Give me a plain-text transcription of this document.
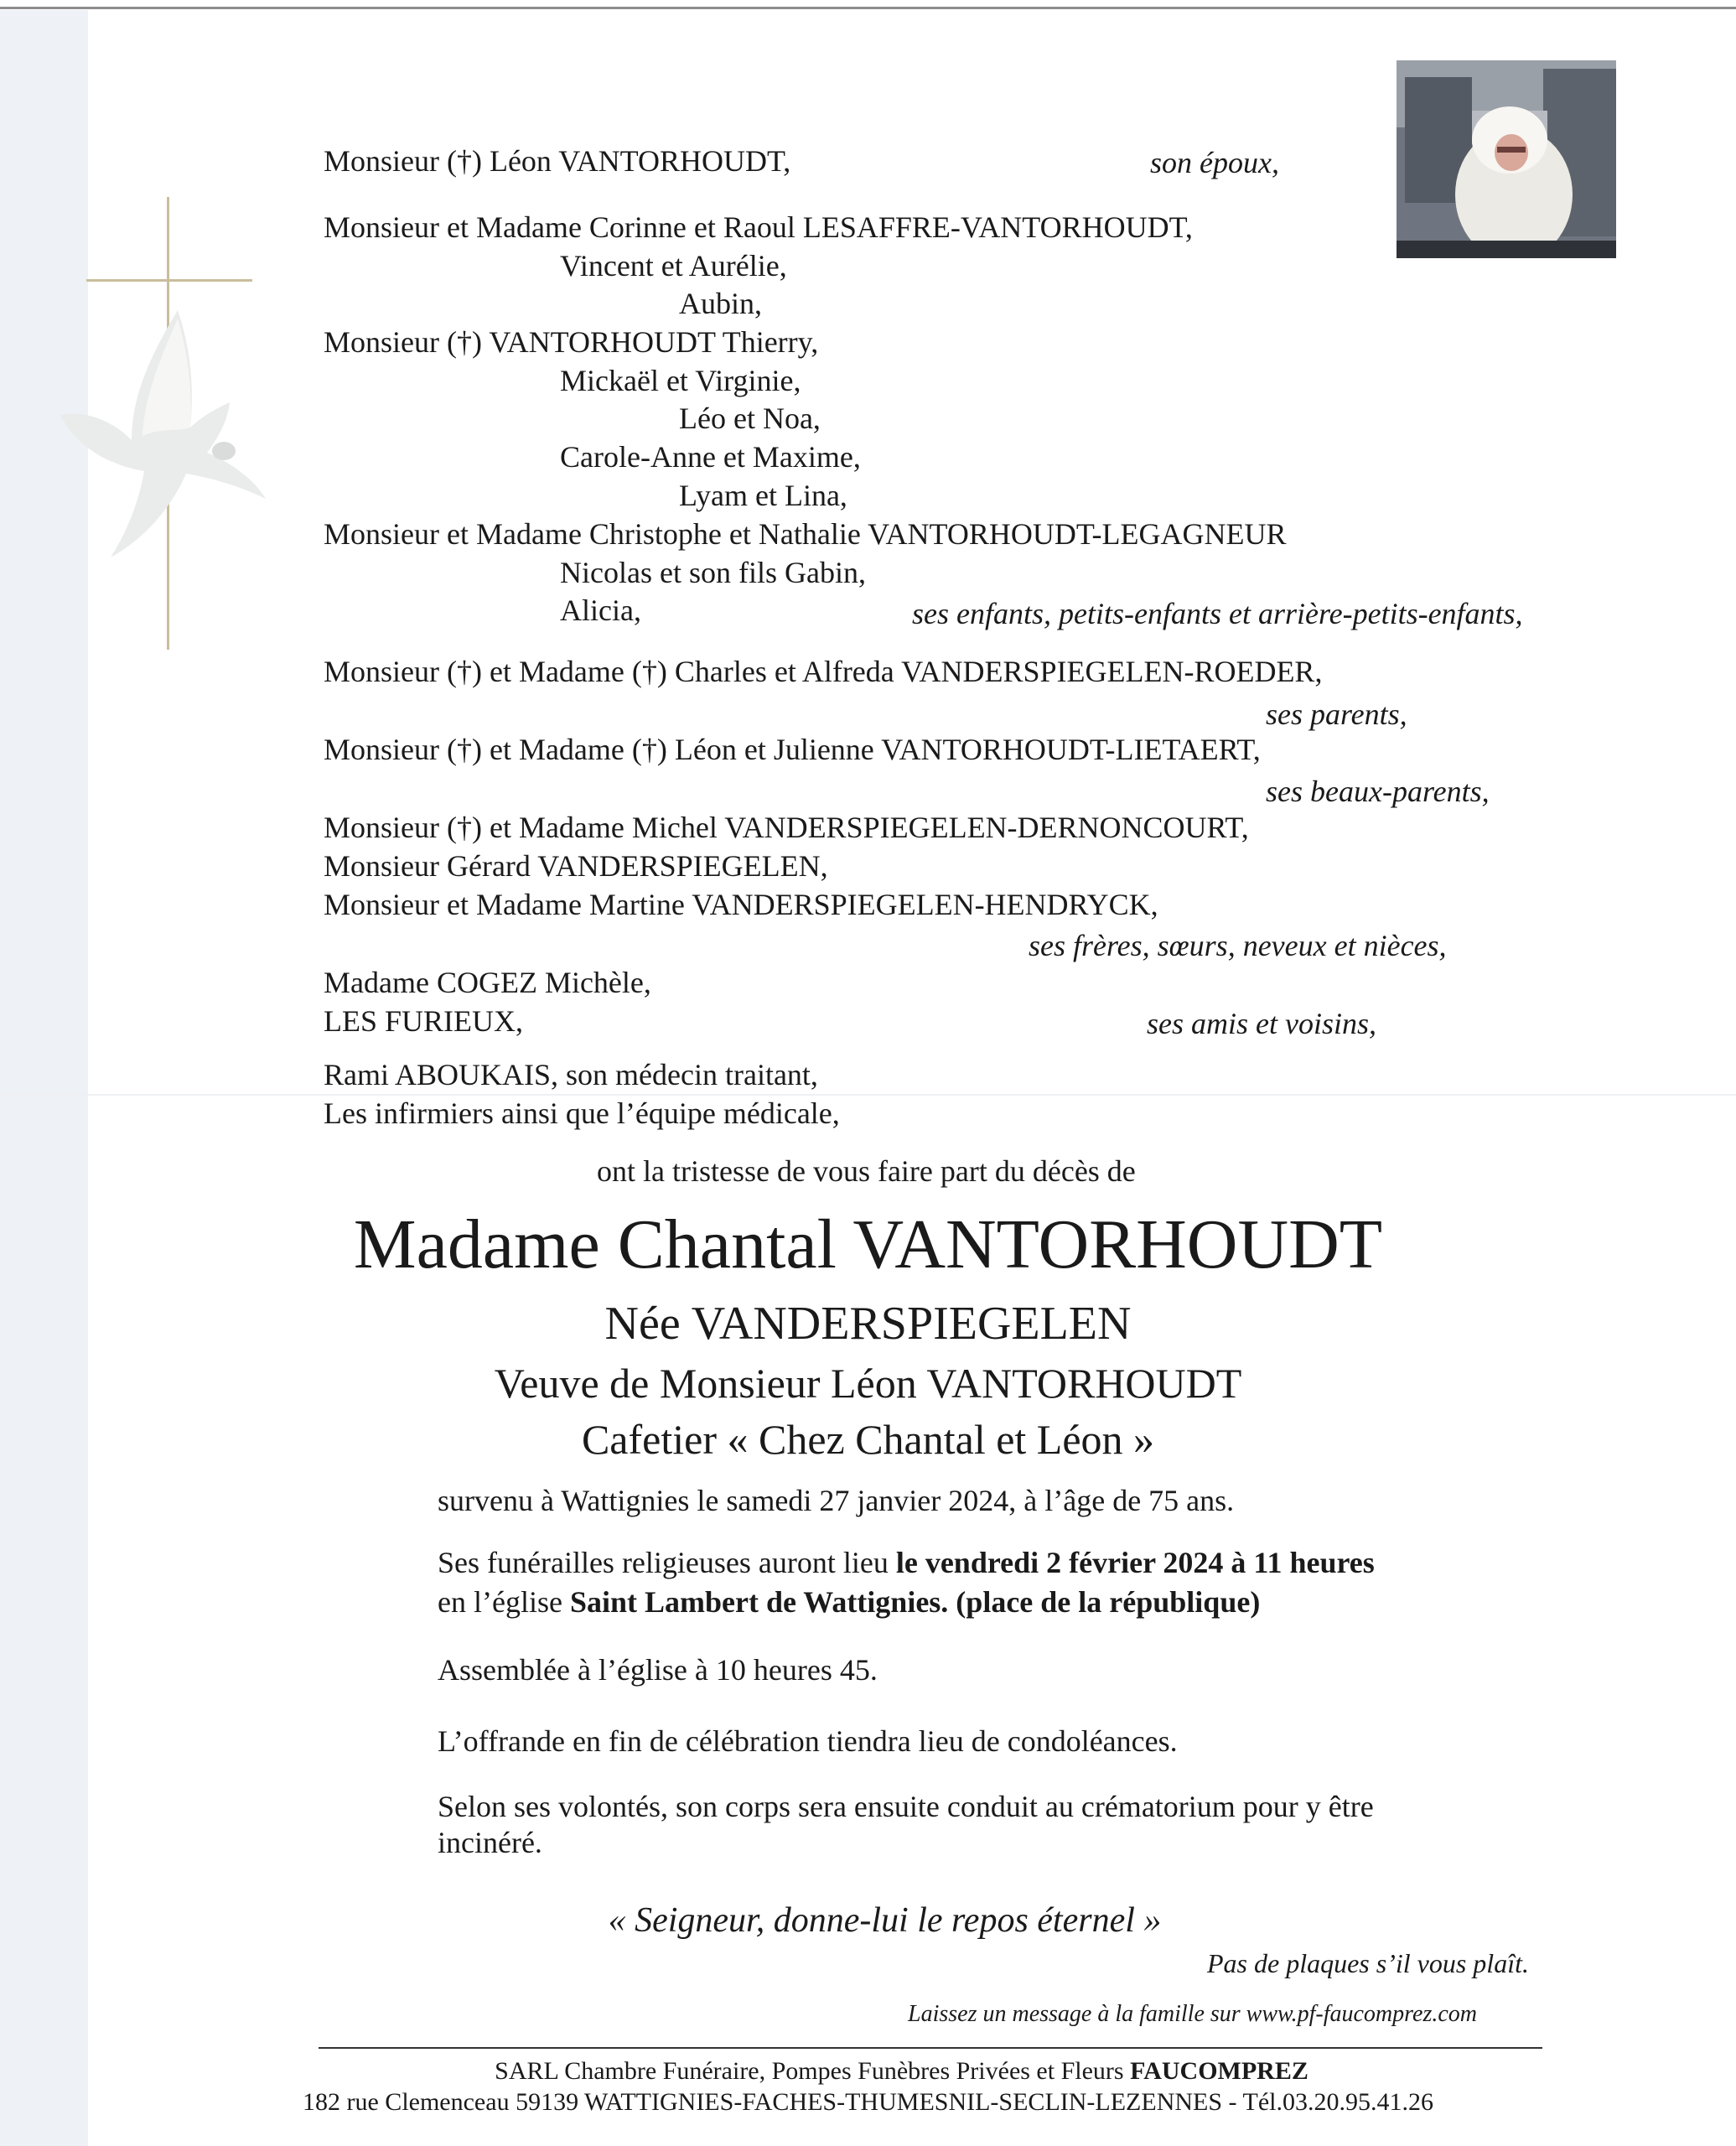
Monsieur (†) Léon VANTORHOUDT,	son époux,
Monsieur et Madame Corinne et Raoul LESAFFRE-VANTORHOUDT,
Vincent et Aurélie,
Aubin,
Monsieur (†) VANTORHOUDT Thierry,
Mickaël et Virginie,
Léo et Noa,
Carole-Anne et Maxime,
Lyam et Lina,
Monsieur et Madame Christophe et Nathalie VANTORHOUDT-LEGAGNEUR
Nicolas et son fils Gabin,
Alicia,	ses enfants, petits-enfants et arrière-petits-enfants,
Monsieur (†) et Madame (†) Charles et Alfreda VANDERSPIEGELEN-ROEDER,
ses parents,
Monsieur (†) et Madame (†) Léon et Julienne VANTORHOUDT-LIETAERT,
ses beaux-parents,
Monsieur (†) et Madame Michel VANDERSPIEGELEN-DERNONCOURT,
Monsieur Gérard VANDERSPIEGELEN,
Monsieur et Madame Martine VANDERSPIEGELEN-HENDRYCK,
ses frères, sœurs, neveux et nièces,
Madame COGEZ Michèle,
LES FURIEUX,	ses amis et voisins,
Rami ABOUKAIS, son médecin traitant,
Les infirmiers ainsi que l’équipe médicale,
ont la tristesse de vous faire part du décès de
Madame Chantal VANTORHOUDT
Née VANDERSPIEGELEN
Veuve de Monsieur Léon VANTORHOUDT
Cafetier « Chez Chantal et Léon »
survenu à Wattignies le samedi 27 janvier 2024, à l’âge de 75 ans.
Ses funérailles religieuses auront lieu le vendredi 2 février 2024 à 11 heures
en l’église Saint Lambert de Wattignies. (place de la république)
Assemblée à l’église à 10 heures 45.
L’offrande en fin de célébration tiendra lieu de condoléances.
Selon ses volontés, son corps sera ensuite conduit au crématorium pour y être
incinéré.
« Seigneur, donne-lui le repos éternel »
Pas de plaques s’il vous plaît.
Laissez un message à la famille sur www.pf-faucomprez.com
SARL Chambre Funéraire, Pompes Funèbres Privées et Fleurs FAUCOMPREZ
182 rue Clemenceau 59139 WATTIGNIES-FACHES-THUMESNIL-SECLIN-LEZENNES - Tél.03.20.95.41.26
